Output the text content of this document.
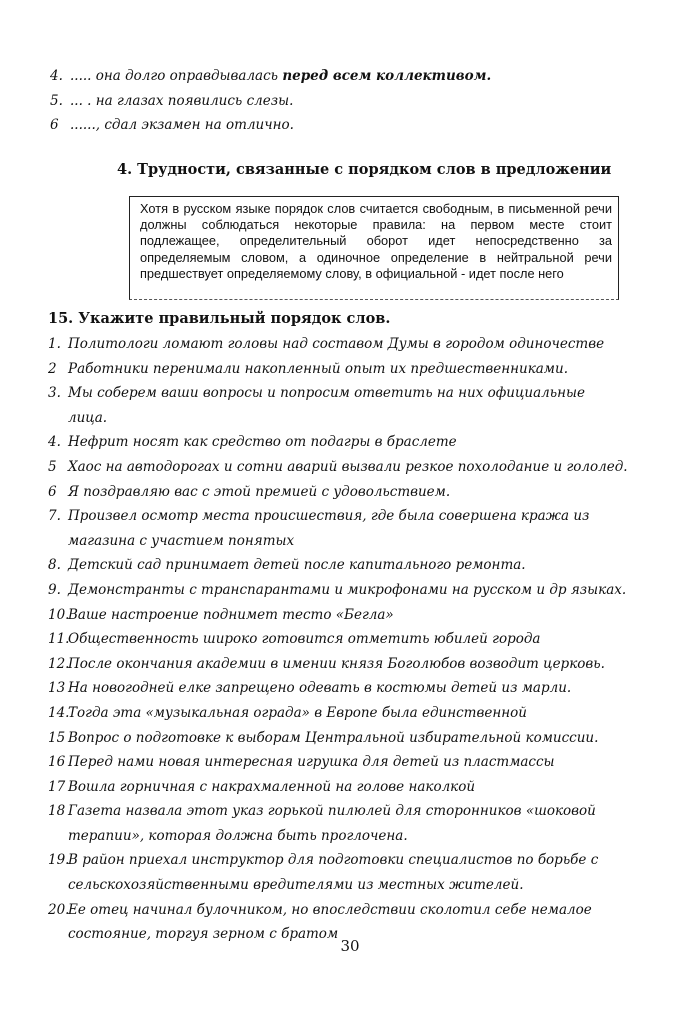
4. ..... она долго оправдывалась перед всем коллективом.
5. ... . на глазах появились слезы.
6 ......, сдал экзамен на отлично.
4. Трудности, связанные с порядком слов в предложении
Хотя в русском языке порядок слов считается свободным, в письменной речи должны соблюдаться некоторые правила: на первом месте стоит подлежащее, определительный оборот идет непосредственно за определяемым словом, а одиночное определение в нейтральной речи предшествует определяемому слову, в официальной - идет после него
15. Укажите правильный порядок слов.
1. Политологи ломают головы над составом Думы в городом одиночестве
2 Работники перенимали накопленный опыт их предшественниками.
3. Мы соберем ваши вопросы и попросим ответить на них официальные лица.
4. Нефрит носят как средство от подагры в браслете
5 Хаос на автодорогах и сотни аварий вызвали резкое похолодание и гололед.
6 Я поздравляю вас с этой премией с удовольствием.
7. Произвел осмотр места происшествия, где была совершена кража из магазина с участием понятых
8. Детский сад принимает детей после капитального ремонта.
9. Демонстранты с транспарантами и микрофонами на русском и др языках.
10.
Ваше настроение поднимет тесто «Бегла»
11.
Общественность широко готовится отметить юбилей города
12.
После окончания академии в имении князя Боголюбов возводит церковь.
13 На новогодней елке запрещено одевать в костюмы детей из марли.
14.
Тогда эта «музыкальная ограда» в Европе была единственной
15 Вопрос о подготовке к выборам Центральной избирательной комиссии.
16 Перед нами новая интересная игрушка для детей из пластмассы
17 Вошла горничная с накрахмаленной на голове наколкой
18 Газета назвала этот указ горькой пилюлей для сторонников «шоковой терапии», которая должна быть проглочена.
19.
В район приехал инструктор для подготовки специалистов по борьбе с сельскохозяйственными вредителями из местных жителей.
20.
Ее отец начинал булочником, но впоследствии сколотил себе немалое состояние, торгуя зерном с братом
30
